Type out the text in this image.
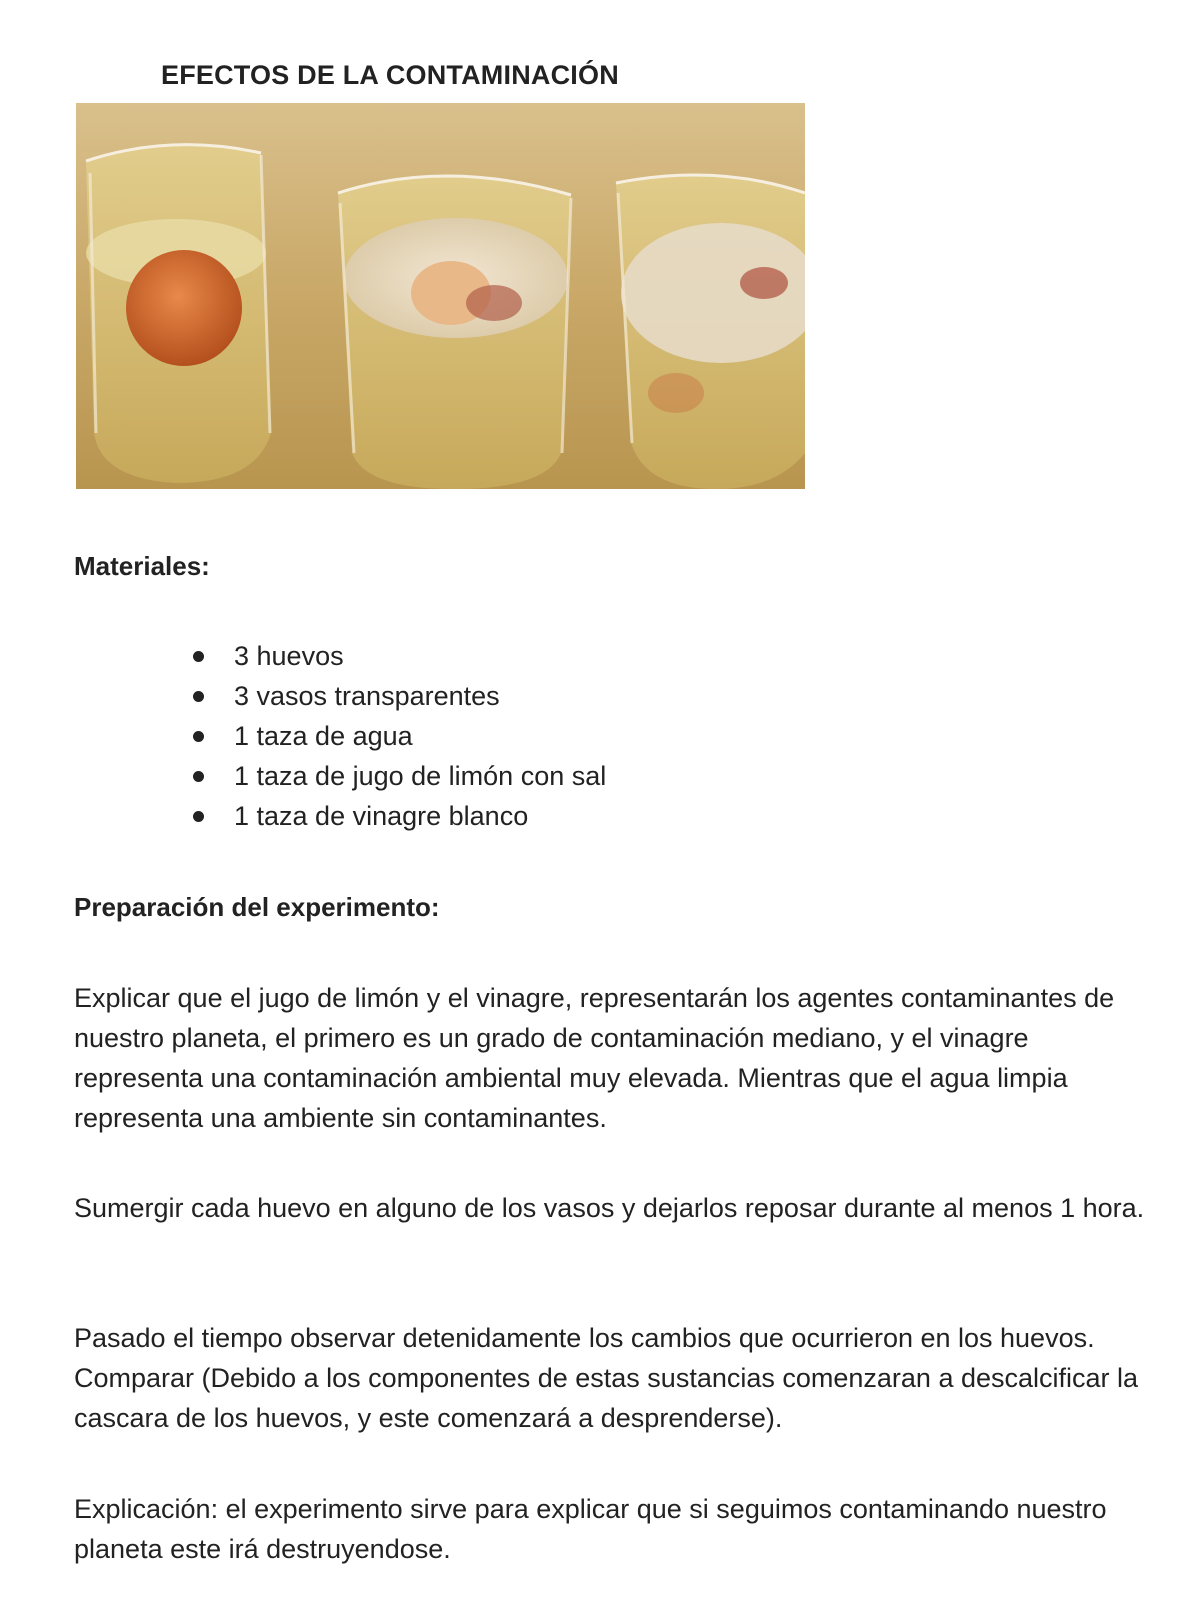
EFECTOS DE LA CONTAMINACIÓN
Materiales:
3 huevos
3 vasos transparentes
1 taza de agua
1 taza de jugo de limón con sal
1 taza de vinagre blanco
Preparación del experimento:

Explicar que el jugo de limón y el vinagre, representarán los agentes contaminantes de nuestro planeta, el primero es un grado de contaminación mediano, y el vinagre representa una contaminación ambiental muy elevada. Mientras que el agua limpia representa una ambiente sin contaminantes.

Sumergir cada huevo en alguno de los vasos y dejarlos reposar durante al menos 1 hora.

Pasado el tiempo observar detenidamente los cambios que ocurrieron en los huevos. Comparar (Debido a los componentes de estas sustancias comenzaran a descalcificar la cascara de los huevos, y este comenzará a desprenderse).

Explicación: el experimento sirve para explicar que si seguimos contaminando nuestro planeta este irá destruyendose.
